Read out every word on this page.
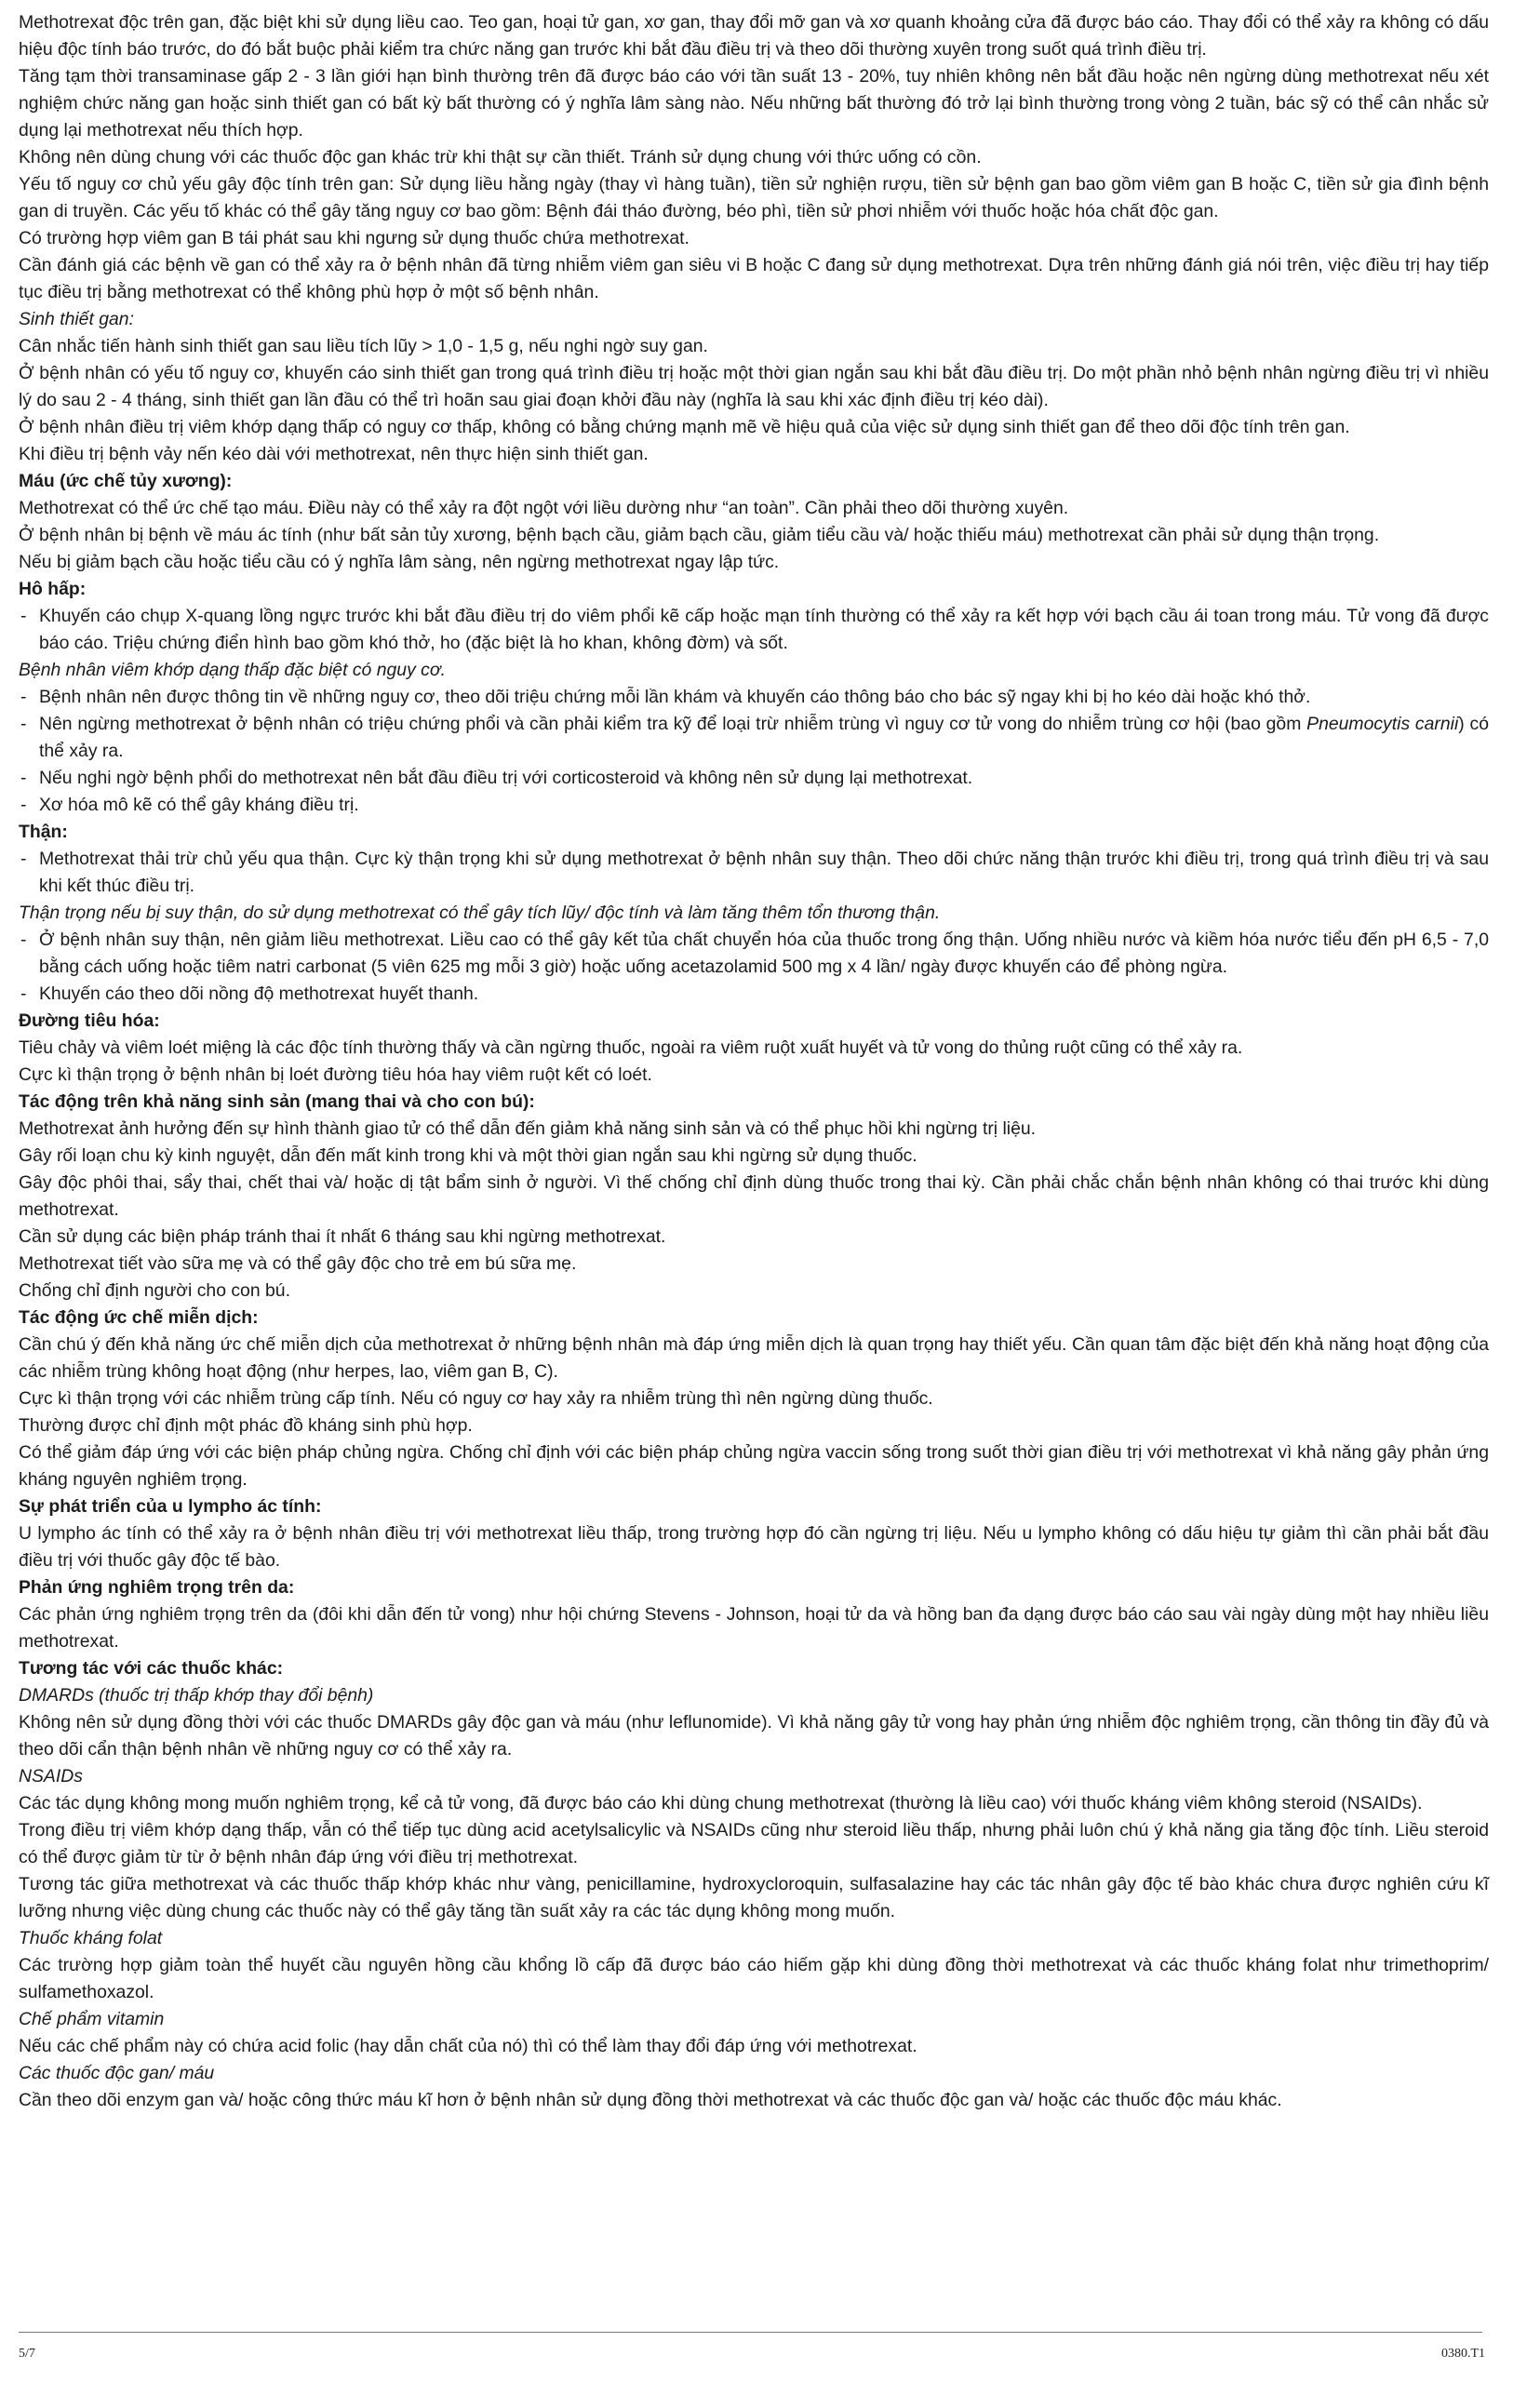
Methotrexat độc trên gan, đặc biệt khi sử dụng liều cao. Teo gan, hoại tử gan, xơ gan, thay đổi mỡ gan và xơ quanh khoảng cửa đã được báo cáo. Thay đổi có thể xảy ra không có dấu hiệu độc tính báo trước, do đó bắt buộc phải kiểm tra chức năng gan trước khi bắt đầu điều trị và theo dõi thường xuyên trong suốt quá trình điều trị.
Tăng tạm thời transaminase gấp 2 - 3 lần giới hạn bình thường trên đã được báo cáo với tần suất 13 - 20%, tuy nhiên không nên bắt đầu hoặc nên ngừng dùng methotrexat nếu xét nghiệm chức năng gan hoặc sinh thiết gan có bất kỳ bất thường có ý nghĩa lâm sàng nào. Nếu những bất thường đó trở lại bình thường trong vòng 2 tuần, bác sỹ có thể cân nhắc sử dụng lại methotrexat nếu thích hợp.
Không nên dùng chung với các thuốc độc gan khác trừ khi thật sự cần thiết. Tránh sử dụng chung với thức uống có cồn.
Yếu tố nguy cơ chủ yếu gây độc tính trên gan: Sử dụng liều hằng ngày (thay vì hàng tuần), tiền sử nghiện rượu, tiền sử bệnh gan bao gồm viêm gan B hoặc C, tiền sử gia đình bệnh gan di truyền. Các yếu tố khác có thể gây tăng nguy cơ bao gồm: Bệnh đái tháo đường, béo phì, tiền sử phơi nhiễm với thuốc hoặc hóa chất độc gan.
Có trường hợp viêm gan B tái phát sau khi ngưng sử dụng thuốc chứa methotrexat.
Cần đánh giá các bệnh về gan có thể xảy ra ở bệnh nhân đã từng nhiễm viêm gan siêu vi B hoặc C đang sử dụng methotrexat. Dựa trên những đánh giá nói trên, việc điều trị hay tiếp tục điều trị bằng methotrexat có thể không phù hợp ở một số bệnh nhân.
Sinh thiết gan:
Cân nhắc tiến hành sinh thiết gan sau liều tích lũy > 1,0 - 1,5 g, nếu nghi ngờ suy gan.
Ở bệnh nhân có yếu tố nguy cơ, khuyến cáo sinh thiết gan trong quá trình điều trị hoặc một thời gian ngắn sau khi bắt đầu điều trị. Do một phần nhỏ bệnh nhân ngừng điều trị vì nhiều lý do sau 2 - 4 tháng, sinh thiết gan lần đầu có thể trì hoãn sau giai đoạn khởi đầu này (nghĩa là sau khi xác định điều trị kéo dài).
Ở bệnh nhân điều trị viêm khớp dạng thấp có nguy cơ thấp, không có bằng chứng mạnh mẽ về hiệu quả của việc sử dụng sinh thiết gan để theo dõi độc tính trên gan.
Khi điều trị bệnh vảy nến kéo dài với methotrexat, nên thực hiện sinh thiết gan.
Máu (ức chế tủy xương):
Methotrexat có thể ức chế tạo máu. Điều này có thể xảy ra đột ngột với liều dường như “an toàn”. Cần phải theo dõi thường xuyên.
Ở bệnh nhân bị bệnh về máu ác tính (như bất sản tủy xương, bệnh bạch cầu, giảm bạch cầu, giảm tiểu cầu và/ hoặc thiếu máu) methotrexat cần phải sử dụng thận trọng.
Nếu bị giảm bạch cầu hoặc tiểu cầu có ý nghĩa lâm sàng, nên ngừng methotrexat ngay lập tức.
Hô hấp:
- Khuyến cáo chụp X-quang lồng ngực trước khi bắt đầu điều trị do viêm phổi kẽ cấp hoặc mạn tính thường có thể xảy ra kết hợp với bạch cầu ái toan trong máu. Tử vong đã được báo cáo. Triệu chứng điển hình bao gồm khó thở, ho (đặc biệt là ho khan, không đờm) và sốt.
Bệnh nhân viêm khớp dạng thấp đặc biệt có nguy cơ.
- Bệnh nhân nên được thông tin về những nguy cơ, theo dõi triệu chứng mỗi lần khám và khuyến cáo thông báo cho bác sỹ ngay khi bị ho kéo dài hoặc khó thở.
- Nên ngừng methotrexat ở bệnh nhân có triệu chứng phổi và cần phải kiểm tra kỹ để loại trừ nhiễm trùng vì nguy cơ tử vong do nhiễm trùng cơ hội (bao gồm Pneumocytis carnii) có thể xảy ra.
- Nếu nghi ngờ bệnh phổi do methotrexat nên bắt đầu điều trị với corticosteroid và không nên sử dụng lại methotrexat.
- Xơ hóa mô kẽ có thể gây kháng điều trị.
Thận:
- Methotrexat thải trừ chủ yếu qua thận. Cực kỳ thận trọng khi sử dụng methotrexat ở bệnh nhân suy thận. Theo dõi chức năng thận trước khi điều trị, trong quá trình điều trị và sau khi kết thúc điều trị.
Thận trọng nếu bị suy thận, do sử dụng methotrexat có thể gây tích lũy/ độc tính và làm tăng thêm tổn thương thận.
- Ở bệnh nhân suy thận, nên giảm liều methotrexat. Liều cao có thể gây kết tủa chất chuyển hóa của thuốc trong ống thận. Uống nhiều nước và kiềm hóa nước tiểu đến pH 6,5 - 7,0 bằng cách uống hoặc tiêm natri carbonat (5 viên 625 mg mỗi 3 giờ) hoặc uống acetazolamid 500 mg x 4 lần/ ngày được khuyến cáo để phòng ngừa.
- Khuyến cáo theo dõi nồng độ methotrexat huyết thanh.
Đường tiêu hóa:
Tiêu chảy và viêm loét miệng là các độc tính thường thấy và cần ngừng thuốc, ngoài ra viêm ruột xuất huyết và tử vong do thủng ruột cũng có thể xảy ra.
Cực kì thận trọng ở bệnh nhân bị loét đường tiêu hóa hay viêm ruột kết có loét.
Tác động trên khả năng sinh sản (mang thai và cho con bú):
Methotrexat ảnh hưởng đến sự hình thành giao tử có thể dẫn đến giảm khả năng sinh sản và có thể phục hồi khi ngừng trị liệu.
Gây rối loạn chu kỳ kinh nguyệt, dẫn đến mất kinh trong khi và một thời gian ngắn sau khi ngừng sử dụng thuốc.
Gây độc phôi thai, sẩy thai, chết thai và/ hoặc dị tật bẩm sinh ở người. Vì thế chống chỉ định dùng thuốc trong thai kỳ. Cần phải chắc chắn bệnh nhân không có thai trước khi dùng methotrexat.
Cần sử dụng các biện pháp tránh thai ít nhất 6 tháng sau khi ngừng methotrexat.
Methotrexat tiết vào sữa mẹ và có thể gây độc cho trẻ em bú sữa mẹ.
Chống chỉ định người cho con bú.
Tác động ức chế miễn dịch:
Cần chú ý đến khả năng ức chế miễn dịch của methotrexat ở những bệnh nhân mà đáp ứng miễn dịch là quan trọng hay thiết yếu. Cần quan tâm đặc biệt đến khả năng hoạt động của các nhiễm trùng không hoạt động (như herpes, lao, viêm gan B, C).
Cực kì thận trọng với các nhiễm trùng cấp tính. Nếu có nguy cơ hay xảy ra nhiễm trùng thì nên ngừng dùng thuốc.
Thường được chỉ định một phác đồ kháng sinh phù hợp.
Có thể giảm đáp ứng với các biện pháp chủng ngừa. Chống chỉ định với các biện pháp chủng ngừa vaccin sống trong suốt thời gian điều trị với methotrexat vì khả năng gây phản ứng kháng nguyên nghiêm trọng.
Sự phát triển của u lympho ác tính:
U lympho ác tính có thể xảy ra ở bệnh nhân điều trị với methotrexat liều thấp, trong trường hợp đó cần ngừng trị liệu. Nếu u lympho không có dấu hiệu tự giảm thì cần phải bắt đầu điều trị với thuốc gây độc tế bào.
Phản ứng nghiêm trọng trên da:
Các phản ứng nghiêm trọng trên da (đôi khi dẫn đến tử vong) như hội chứng Stevens - Johnson, hoại tử da và hồng ban đa dạng được báo cáo sau vài ngày dùng một hay nhiều liều methotrexat.
Tương tác với các thuốc khác:
DMARDs (thuốc trị thấp khớp thay đổi bệnh)
Không nên sử dụng đồng thời với các thuốc DMARDs gây độc gan và máu (như leflunomide). Vì khả năng gây tử vong hay phản ứng nhiễm độc nghiêm trọng, cần thông tin đầy đủ và theo dõi cẩn thận bệnh nhân về những nguy cơ có thể xảy ra.
NSAIDs
Các tác dụng không mong muốn nghiêm trọng, kể cả tử vong, đã được báo cáo khi dùng chung methotrexat (thường là liều cao) với thuốc kháng viêm không steroid (NSAIDs).
Trong điều trị viêm khớp dạng thấp, vẫn có thể tiếp tục dùng acid acetylsalicylic và NSAIDs cũng như steroid liều thấp, nhưng phải luôn chú ý khả năng gia tăng độc tính. Liều steroid có thể được giảm từ từ ở bệnh nhân đáp ứng với điều trị methotrexat.
Tương tác giữa methotrexat và các thuốc thấp khớp khác như vàng, penicillamine, hydroxycloroquin, sulfasalazine hay các tác nhân gây độc tế bào khác chưa được nghiên cứu kĩ lưỡng nhưng việc dùng chung các thuốc này có thể gây tăng tần suất xảy ra các tác dụng không mong muốn.
Thuốc kháng folat
Các trường hợp giảm toàn thể huyết cầu nguyên hồng cầu khổng lồ cấp đã được báo cáo hiếm gặp khi dùng đồng thời methotrexat và các thuốc kháng folat như trimethoprim/ sulfamethoxazol.
Chế phẩm vitamin
Nếu các chế phẩm này có chứa acid folic (hay dẫn chất của nó) thì có thể làm thay đổi đáp ứng với methotrexat.
Các thuốc độc gan/ máu
Cần theo dõi enzym gan và/ hoặc công thức máu kĩ hơn ở bệnh nhân sử dụng đồng thời methotrexat và các thuốc độc gan và/ hoặc các thuốc độc máu khác.
5/7	0380.T1
